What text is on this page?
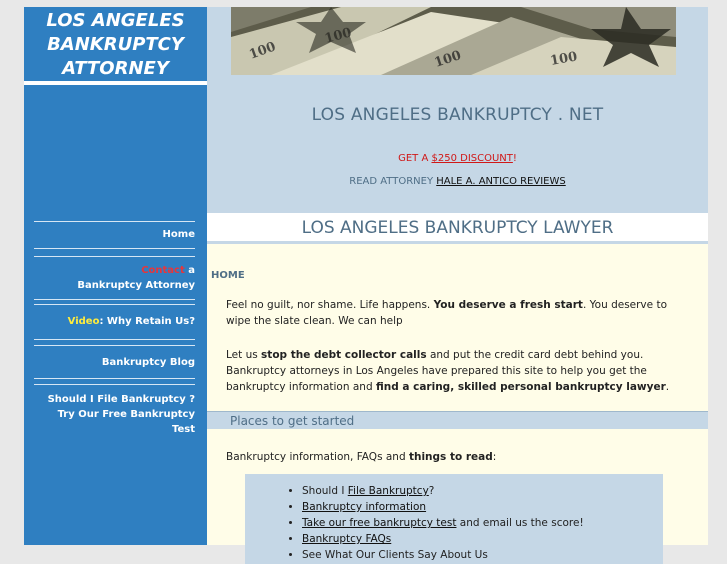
LOS ANGELES
BANKRUPTCY
ATTORNEY
Home
Contact a
Bankruptcy Attorney
Video: Why Retain Us?
Bankruptcy Blog
Should I File Bankruptcy ?
Try Our Free Bankruptcy Test
100	100	100
LOS ANGELES BANKRUPTCY . NET
GET A $250 DISCOUNT!
READ ATTORNEY HALE A. ANTICO REVIEWS
LOS ANGELES BANKRUPTCY LAWYER
HOME
Feel no guilt, nor shame. Life happens. You deserve a fresh start. You deserve to wipe the slate clean. We can help
Let us stop the debt collector calls and put the credit card debt behind you. Bankruptcy attorneys in Los Angeles have prepared this site to help you get the bankruptcy information and find a caring, skilled personal bankruptcy lawyer.
Places to get started
Bankruptcy information, FAQs and things to read:
• Should I File Bankruptcy?
• Bankruptcy information
• Take our free bankruptcy test and email us the score!
• Bankruptcy FAQs
• See What Our Clients Say About Us
